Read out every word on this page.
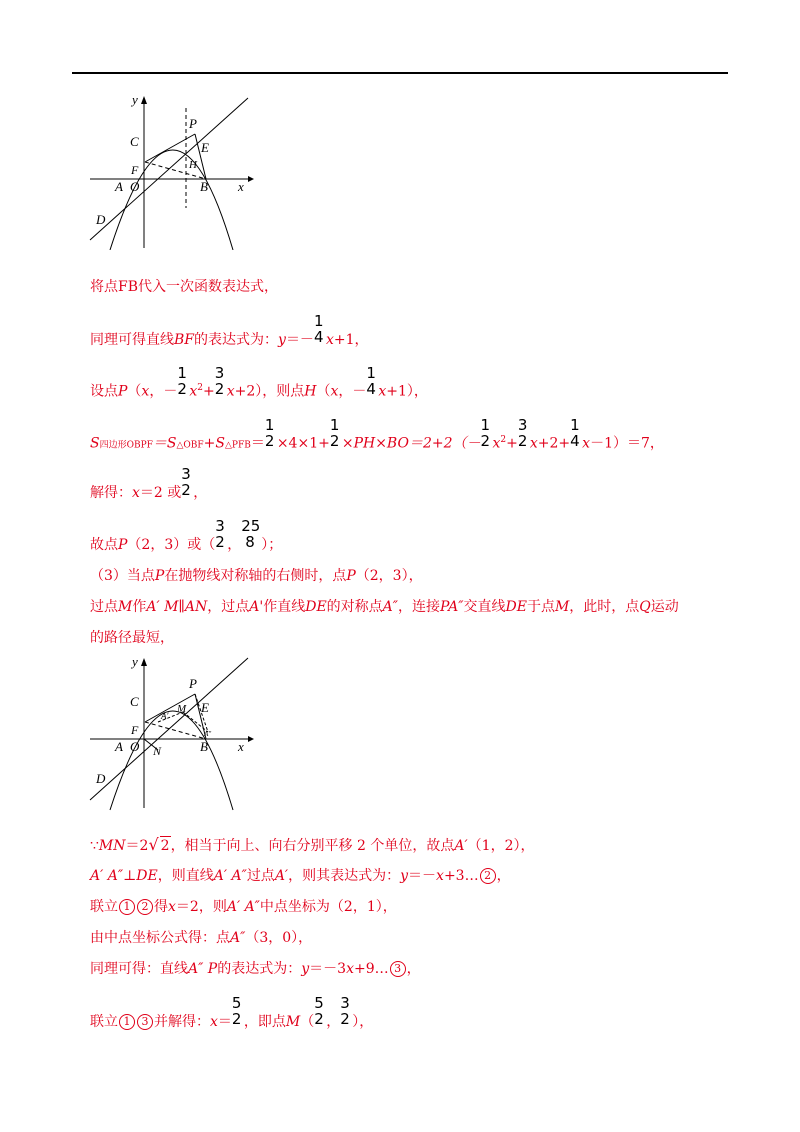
y
x
C
P
E
H
F
A O	B
D
将点FB代入一次函数表达式，
同理可得直线BF的表达式为：y＝－
1
4 x+1，
设点P（x，－
1
2 $x^2+$
3
2 x+2），则点H（x，－
1
4 x+1），
S四边形OBPF＝S△OBF+S△PFB＝
1
2 ×4×1+
1
2 ×PH×BO＝2+2（－
1
2 $x^2+$
3
2 x+2+
1
4 x－1）＝7，
解得：x＝2 或
3
2 ，
故点P（2，3）或（
3
2 ，
25
8 ）；
（3）当点P在抛物线对称轴的右侧时，点P（2，3），
过点M作A′ M∥AN，过点A'作直线DE的对称点A″，连接PA″交直线DE于点M，此时，点Q运动
的路径最短，
y
x
C
P
E
M
A′
F
A O N	B
A″
D
∵MN＝2√ 2，相当于向上、向右分别平移 2 个单位，故点A′（1，2），
A′ A″⊥DE，则直线A′ A″过点A′，则其表达式为：y＝－x+3… 2 ，
联立 1 2 得x＝2，则A′ A″中点坐标为（2，1），
由中点坐标公式得：点A″（3，0），
同理可得：直线A″ P的表达式为：y＝－3x+9… 3 ，
联立 1 3 并解得：x＝
5
2 ，即点M（
5
2 ，
3
2 ），
